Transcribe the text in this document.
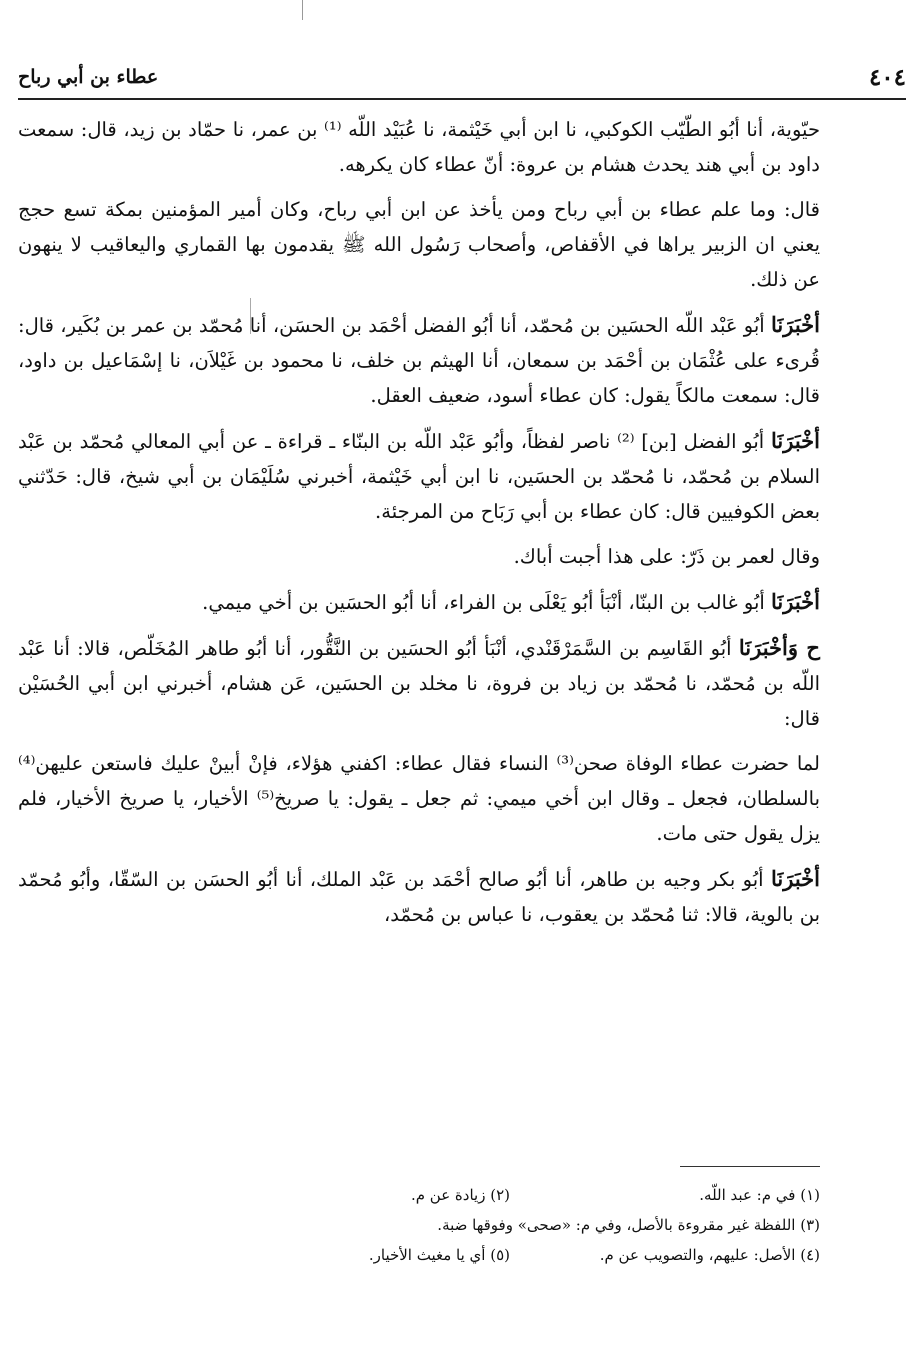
٤٠٤
عطاء بن أبي رباح

حيّوية، أنا أبُو الطّيّب الكوكبي، نا ابن أبي خَيْثمة، نا عُبَيْد اللّه ⁽¹⁾ بن عمر، نا حمّاد بن زيد، قال: سمعت داود بن أبي هند يحدث هشام بن عروة: أنّ عطاء كان يكرهه.

قال: وما علم عطاء بن أبي رباح ومن يأخذ عن ابن أبي رباح، وكان أمير المؤمنين بمكة تسع حجج يعني ان الزبير يراها في الأقفاص، وأصحاب رَسُول الله ﷺ يقدمون بها القماري واليعاقيب لا ينهون عن ذلك.

أخْبَرَنَا أبُو عَبْد اللّه الحسَين بن مُحمّد، أنا أبُو الفضل أحْمَد بن الحسَن، أنا مُحمّد بن عمر بن بُكَير، قال: قُرىء على عُثْمَان بن أحْمَد بن سمعان، أنا الهيثم بن خلف، نا محمود بن غَيْلاَن، نا إسْمَاعيل بن داود، قال: سمعت مالكاً يقول: كان عطاء أسود، ضعيف العقل.

أخْبَرَنَا أبُو الفضل [بن] ⁽²⁾ ناصر لفظاً، وأبُو عَبْد اللّه بن البنّاء ـ قراءة ـ عن أبي المعالي مُحمّد بن عَبْد السلام بن مُحمّد، نا مُحمّد بن الحسَين، نا ابن أبي خَيْثمة، أخبرني سُلَيْمَان بن أبي شيخ، قال: حَدّثني بعض الكوفيين قال: كان عطاء بن أبي رَبَاح من المرجئة.

وقال لعمر بن ذَرّ: على هذا أجبت أباك.

أخْبَرَنَا أبُو غالب بن البنّا، أنْبَأ أبُو يَعْلَى بن الفراء، أنا أبُو الحسَين بن أخي ميمي.

ح وَأخْبَرَنَا أبُو القَاسِم بن السَّمَرْقَنْدي، أنْبَأ أبُو الحسَين بن النَّقُّور، أنا أبُو طاهر المُخَلّص، قالا: أنا عَبْد اللّه بن مُحمّد، نا مُحمّد بن زياد بن فروة، نا مخلد بن الحسَين، عَن هشام، أخبرني ابن أبي الحُسَيْن قال:

لما حضرت عطاء الوفاة صحن⁽³⁾ النساء فقال عطاء: اكفني هؤلاء، فإنْ أبينْ عليك فاستعن عليهن⁽⁴⁾ بالسلطان، فجعل ـ وقال ابن أخي ميمي: ثم جعل ـ يقول: يا صريخ⁽⁵⁾ الأخيار، يا صريخ الأخيار، فلم يزل يقول حتى مات.

أخْبَرَنَا أبُو بكر وجيه بن طاهر، أنا أبُو صالح أحْمَد بن عَبْد الملك، أنا أبُو الحسَن بن السّقّا، وأبُو مُحمّد بن بالوية، قالا: ثنا مُحمّد بن يعقوب، نا عباس بن مُحمّد،

(١) في م: عبد اللّه.
(٢) زيادة عن م.
(٣) اللفظة غير مقروءة بالأصل، وفي م: «صحى» وفوقها ضبة.
(٤) الأصل: عليهم، والتصويب عن م.
(٥) أي يا مغيث الأخيار.
